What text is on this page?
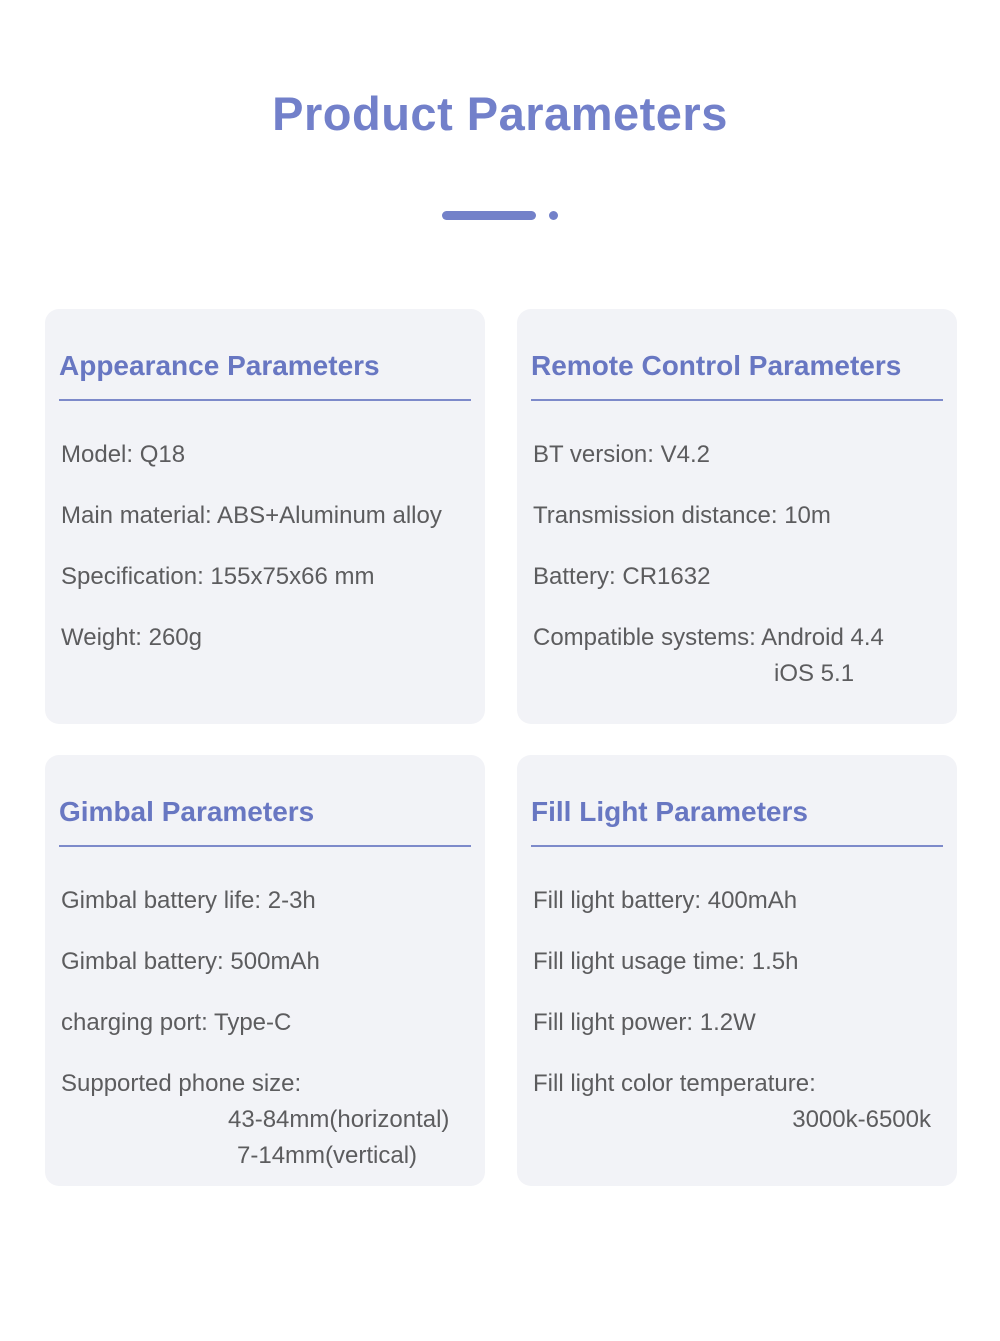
Product Parameters
Appearance Parameters
Model: Q18
Main material: ABS+Aluminum alloy
Specification: 155x75x66 mm
Weight: 260g
Remote Control Parameters
BT version: V4.2
Transmission distance: 10m
Battery: CR1632
Compatible systems: Android 4.4
iOS 5.1
Gimbal Parameters
Gimbal battery life: 2-3h
Gimbal battery: 500mAh
charging port: Type-C
Supported phone size:
43-84mm(horizontal)
7-14mm(vertical)
Fill Light Parameters
Fill light battery: 400mAh
Fill light usage time: 1.5h
Fill light power: 1.2W
Fill light color temperature:
3000k-6500k
